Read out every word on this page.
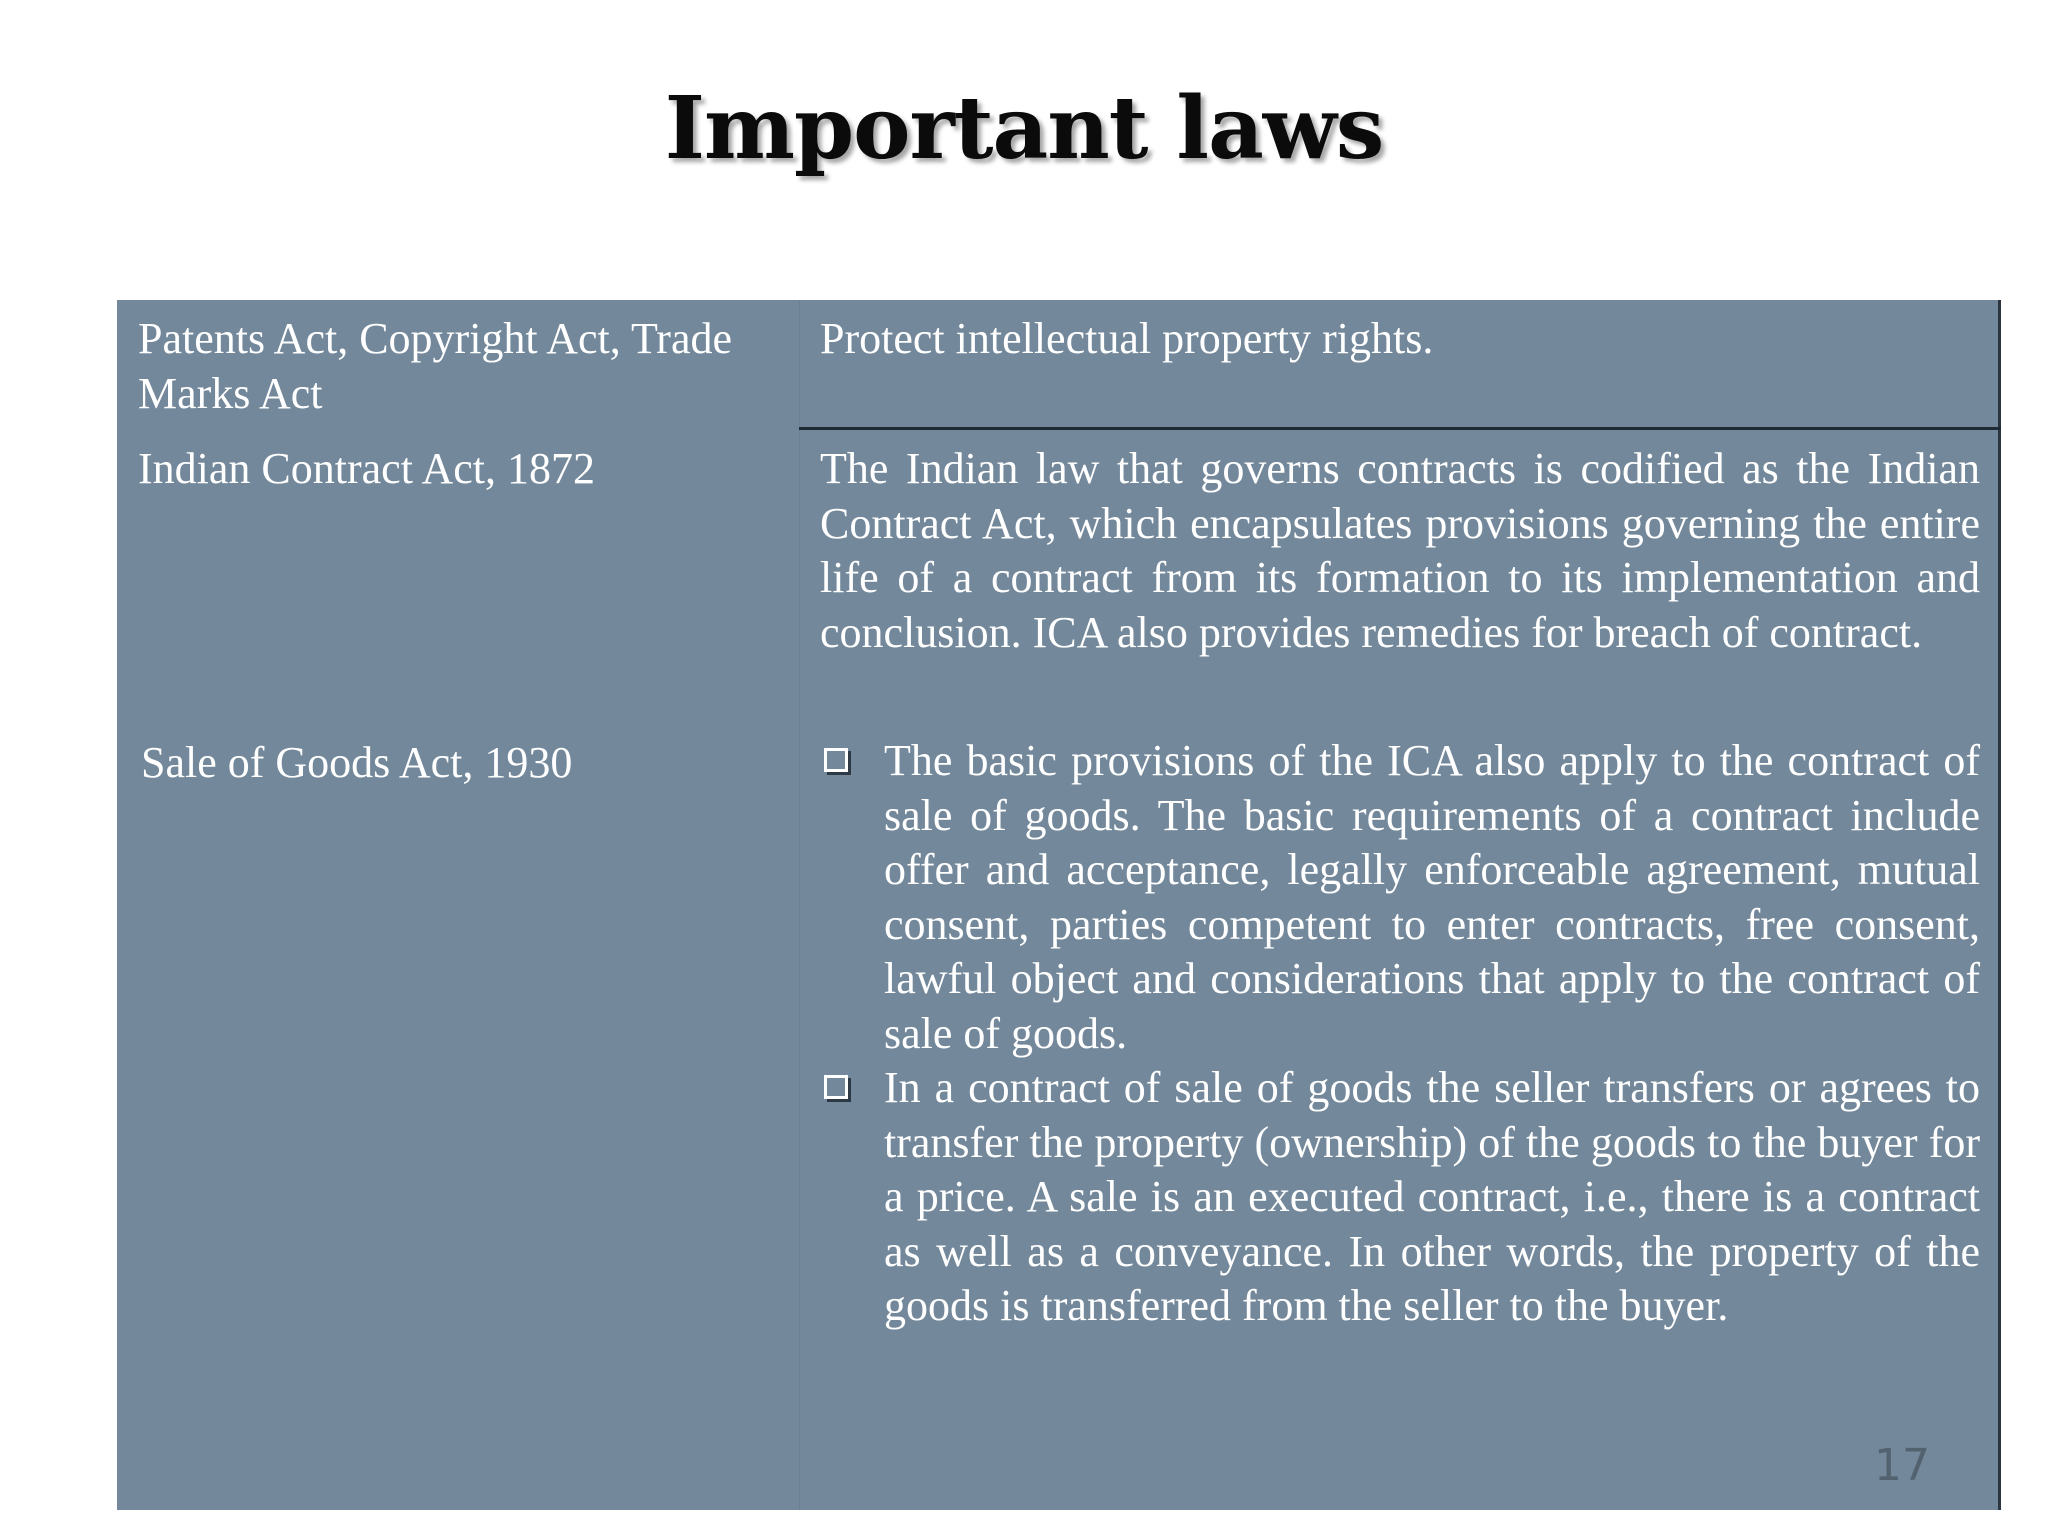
Important laws
Patents Act, Copyright Act, Trade Marks Act
Protect intellectual property rights.
Indian Contract Act, 1872	The Indian law that governs contracts is codified as the Indian Contract Act, which encapsulates provisions governing the entire life of a contract from its formation to its implementation and conclusion. ICA also provides remedies for breach of contract.
Sale of Goods Act, 1930	The basic provisions of the ICA also apply to the contract of sale of goods. The basic requirements of a contract include offer and acceptance, legally enforceable agreement, mutual consent, parties competent to enter contracts, free consent, lawful object and considerations that apply to the contract of sale of goods.
In a contract of sale of goods the seller transfers or agrees to transfer the property (ownership) of the goods to the buyer for a price. A sale is an executed contract, i.e., there is a contract as well as a conveyance. In other words, the property of the goods is transferred from the seller to the buyer.
17
